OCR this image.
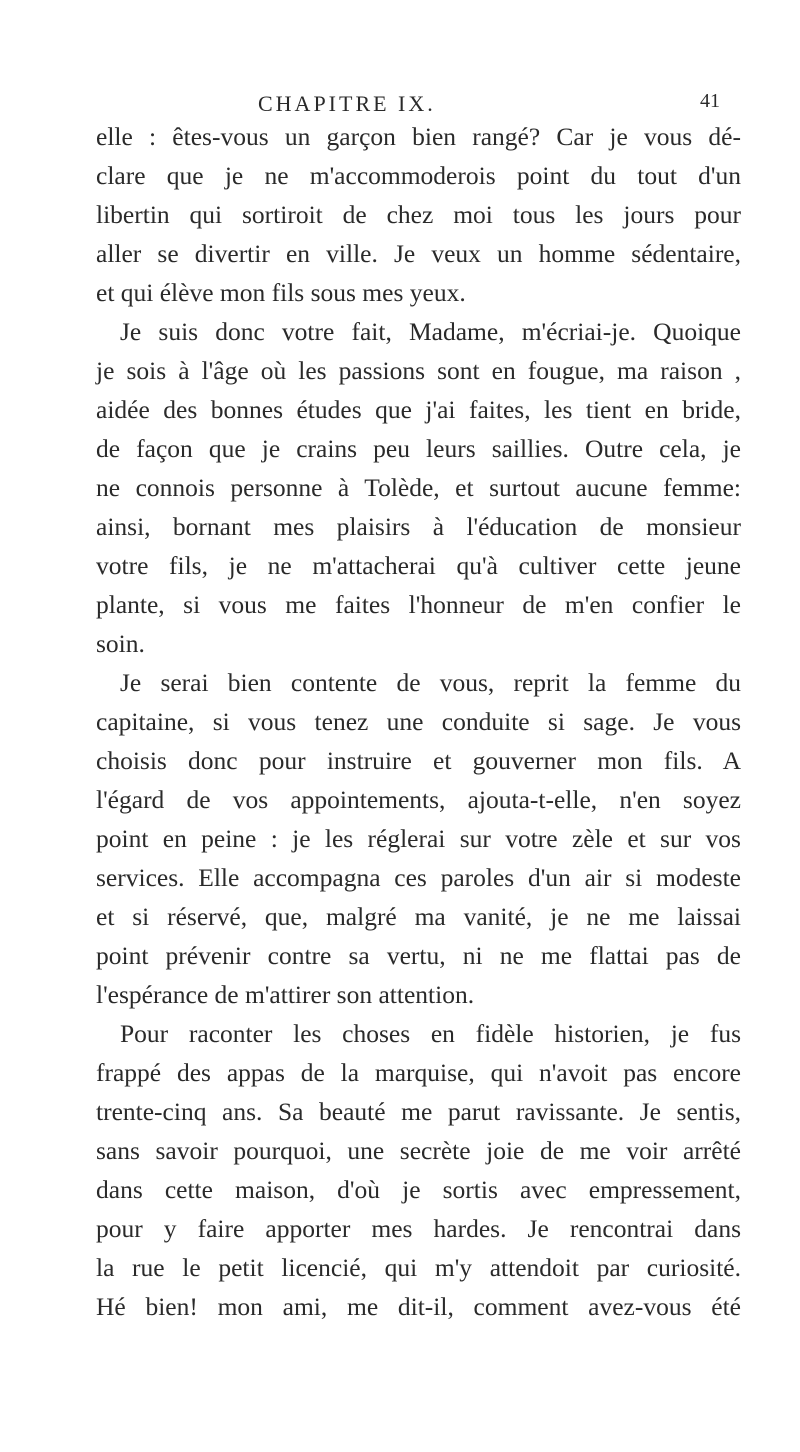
CHAPITRE IX.	41
elle : êtes-vous un garçon bien rangé? Car je vous dé-
clare que je ne m'accommoderois point du tout d'un
libertin qui sortiroit de chez moi tous les jours pour
aller se divertir en ville. Je veux un homme sédentaire,
et qui élève mon fils sous mes yeux.
Je suis donc votre fait, Madame, m'écriai-je. Quoique
je sois à l'âge où les passions sont en fougue, ma raison ,
aidée des bonnes études que j'ai faites, les tient en bride,
de façon que je crains peu leurs saillies. Outre cela, je
ne connois personne à Tolède, et surtout aucune femme:
ainsi, bornant mes plaisirs à l'éducation de monsieur
votre fils, je ne m'attacherai qu'à cultiver cette jeune
plante, si vous me faites l'honneur de m'en confier le
soin.
Je serai bien contente de vous, reprit la femme du
capitaine, si vous tenez une conduite si sage. Je vous
choisis donc pour instruire et gouverner mon fils. A
l'égard de vos appointements, ajouta-t-elle, n'en soyez
point en peine : je les réglerai sur votre zèle et sur vos
services. Elle accompagna ces paroles d'un air si modeste
et si réservé, que, malgré ma vanité, je ne me laissai
point prévenir contre sa vertu, ni ne me flattai pas de
l'espérance de m'attirer son attention.
Pour raconter les choses en fidèle historien, je fus
frappé des appas de la marquise, qui n'avoit pas encore
trente-cinq ans. Sa beauté me parut ravissante. Je sentis,
sans savoir pourquoi, une secrète joie de me voir arrêté
dans cette maison, d'où je sortis avec empressement,
pour y faire apporter mes hardes. Je rencontrai dans
la rue le petit licencié, qui m'y attendoit par curiosité.
Hé bien! mon ami, me dit-il, comment avez-vous été
